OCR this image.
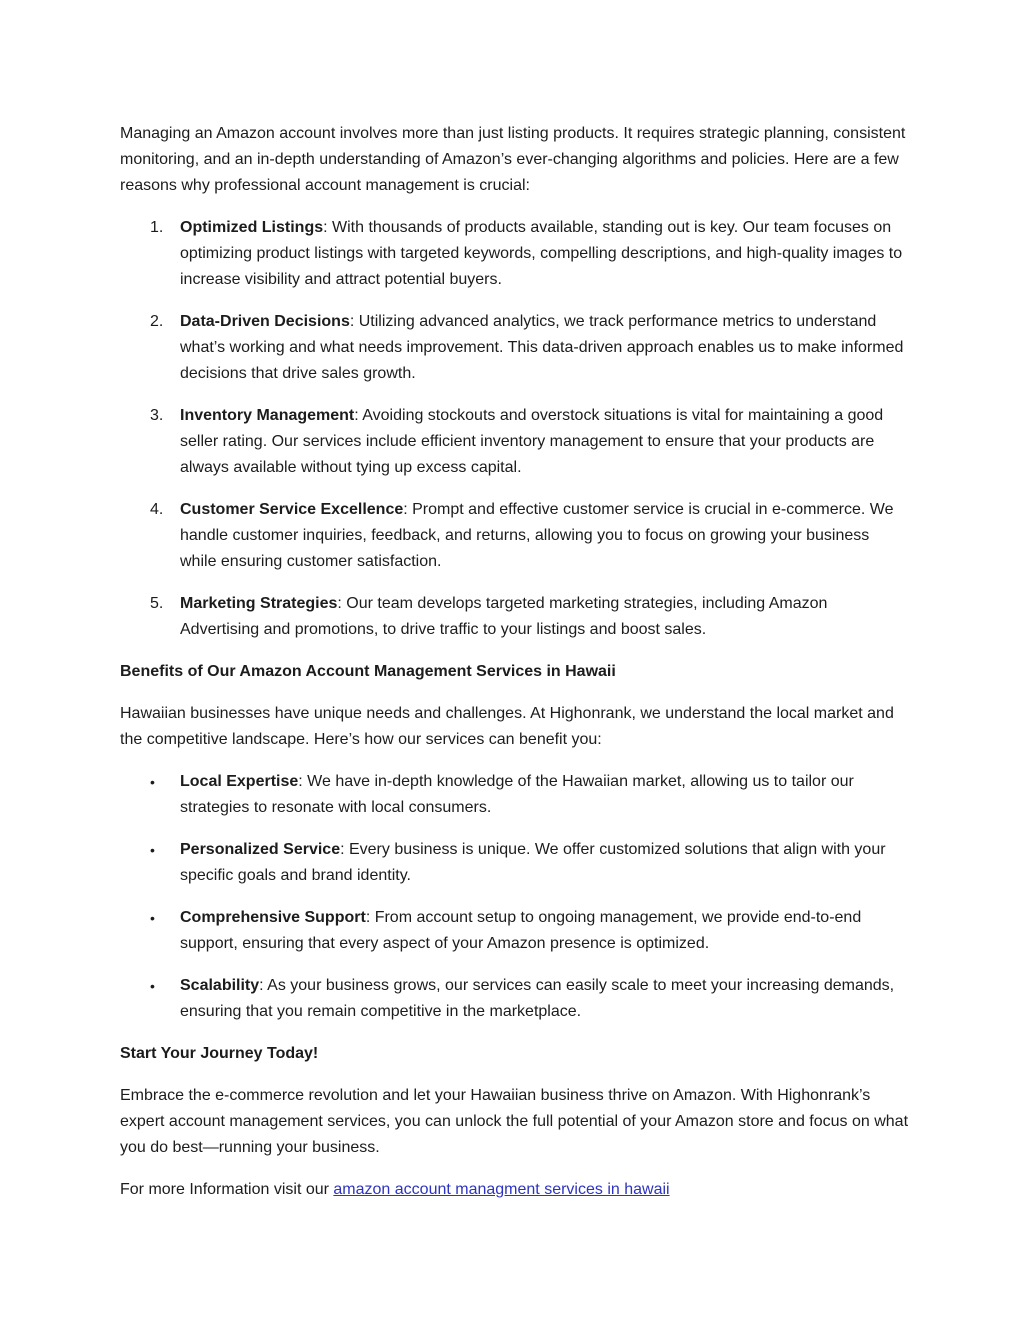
Managing an Amazon account involves more than just listing products. It requires strategic planning, consistent monitoring, and an in-depth understanding of Amazon’s ever-changing algorithms and policies. Here are a few reasons why professional account management is crucial:

1.	Optimized Listings: With thousands of products available, standing out is key. Our team focuses on optimizing product listings with targeted keywords, compelling descriptions, and high-quality images to increase visibility and attract potential buyers.
2.	Data-Driven Decisions: Utilizing advanced analytics, we track performance metrics to understand what’s working and what needs improvement. This data-driven approach enables us to make informed decisions that drive sales growth.
3.	Inventory Management: Avoiding stockouts and overstock situations is vital for maintaining a good seller rating. Our services include efficient inventory management to ensure that your products are always available without tying up excess capital.
4.	Customer Service Excellence: Prompt and effective customer service is crucial in e-commerce. We handle customer inquiries, feedback, and returns, allowing you to focus on growing your business while ensuring customer satisfaction.
5.	Marketing Strategies: Our team develops targeted marketing strategies, including Amazon Advertising and promotions, to drive traffic to your listings and boost sales.

Benefits of Our Amazon Account Management Services in Hawaii

Hawaiian businesses have unique needs and challenges. At Highonrank, we understand the local market and the competitive landscape. Here’s how our services can benefit you:

•	Local Expertise: We have in-depth knowledge of the Hawaiian market, allowing us to tailor our strategies to resonate with local consumers.
•	Personalized Service: Every business is unique. We offer customized solutions that align with your specific goals and brand identity.
•	Comprehensive Support: From account setup to ongoing management, we provide end-to-end support, ensuring that every aspect of your Amazon presence is optimized.
•	Scalability: As your business grows, our services can easily scale to meet your increasing demands, ensuring that you remain competitive in the marketplace.

Start Your Journey Today!

Embrace the e-commerce revolution and let your Hawaiian business thrive on Amazon. With Highonrank’s expert account management services, you can unlock the full potential of your Amazon store and focus on what you do best—running your business.

For more Information visit our amazon account managment services in hawaii
